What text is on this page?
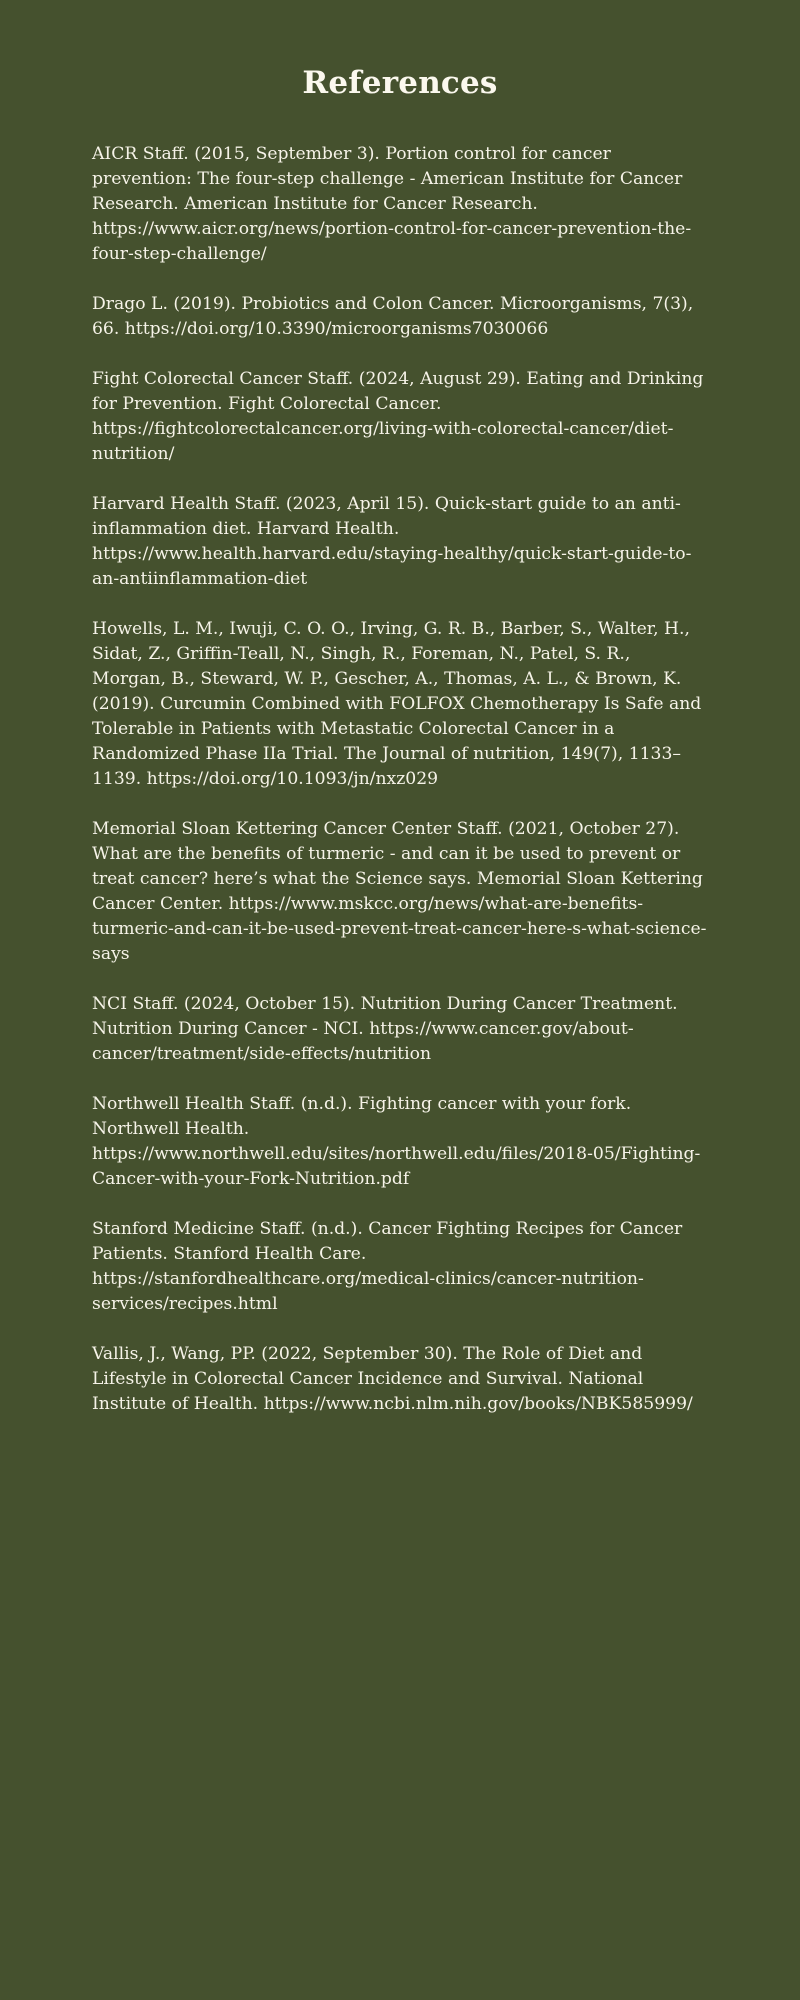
References
AICR Staff. (2015, September 3). Portion control for cancer prevention: The four-step challenge - American Institute for Cancer Research. American Institute for Cancer Research. https://www.aicr.org/news/portion-control-for-cancer-prevention-the-four-step-challenge/
Drago L. (2019). Probiotics and Colon Cancer. Microorganisms, 7(3), 66. https://doi.org/10.3390/microorganisms7030066
Fight Colorectal Cancer Staff. (2024, August 29). Eating and Drinking for Prevention. Fight Colorectal Cancer. https://fightcolorectalcancer.org/living-with-colorectal-cancer/diet-nutrition/
Harvard Health Staff. (2023, April 15). Quick-start guide to an anti-inflammation diet. Harvard Health. https://www.health.harvard.edu/staying-healthy/quick-start-guide-to-an-antiinflammation-diet
Howells, L. M., Iwuji, C. O. O., Irving, G. R. B., Barber, S., Walter, H., Sidat, Z., Griffin-Teall, N., Singh, R., Foreman, N., Patel, S. R., Morgan, B., Steward, W. P., Gescher, A., Thomas, A. L., & Brown, K. (2019). Curcumin Combined with FOLFOX Chemotherapy Is Safe and Tolerable in Patients with Metastatic Colorectal Cancer in a Randomized Phase IIa Trial. The Journal of nutrition, 149(7), 1133–1139. https://doi.org/10.1093/jn/nxz029
Memorial Sloan Kettering Cancer Center Staff. (2021, October 27). What are the benefits of turmeric - and can it be used to prevent or treat cancer? here’s what the Science says. Memorial Sloan Kettering Cancer Center. https://www.mskcc.org/news/what-are-benefits-turmeric-and-can-it-be-used-prevent-treat-cancer-here-s-what-science-says
NCI Staff. (2024, October 15). Nutrition During Cancer Treatment. Nutrition During Cancer - NCI. https://www.cancer.gov/about-cancer/treatment/side-effects/nutrition
Northwell Health Staff. (n.d.). Fighting cancer with your fork. Northwell Health. https://www.northwell.edu/sites/northwell.edu/files/2018-05/Fighting-Cancer-with-your-Fork-Nutrition.pdf
Stanford Medicine Staff. (n.d.). Cancer Fighting Recipes for Cancer Patients. Stanford Health Care. https://stanfordhealthcare.org/medical-clinics/cancer-nutrition-services/recipes.html
Vallis, J., Wang, PP. (2022, September 30). The Role of Diet and Lifestyle in Colorectal Cancer Incidence and Survival. National Institute of Health. https://www.ncbi.nlm.nih.gov/books/NBK585999/
